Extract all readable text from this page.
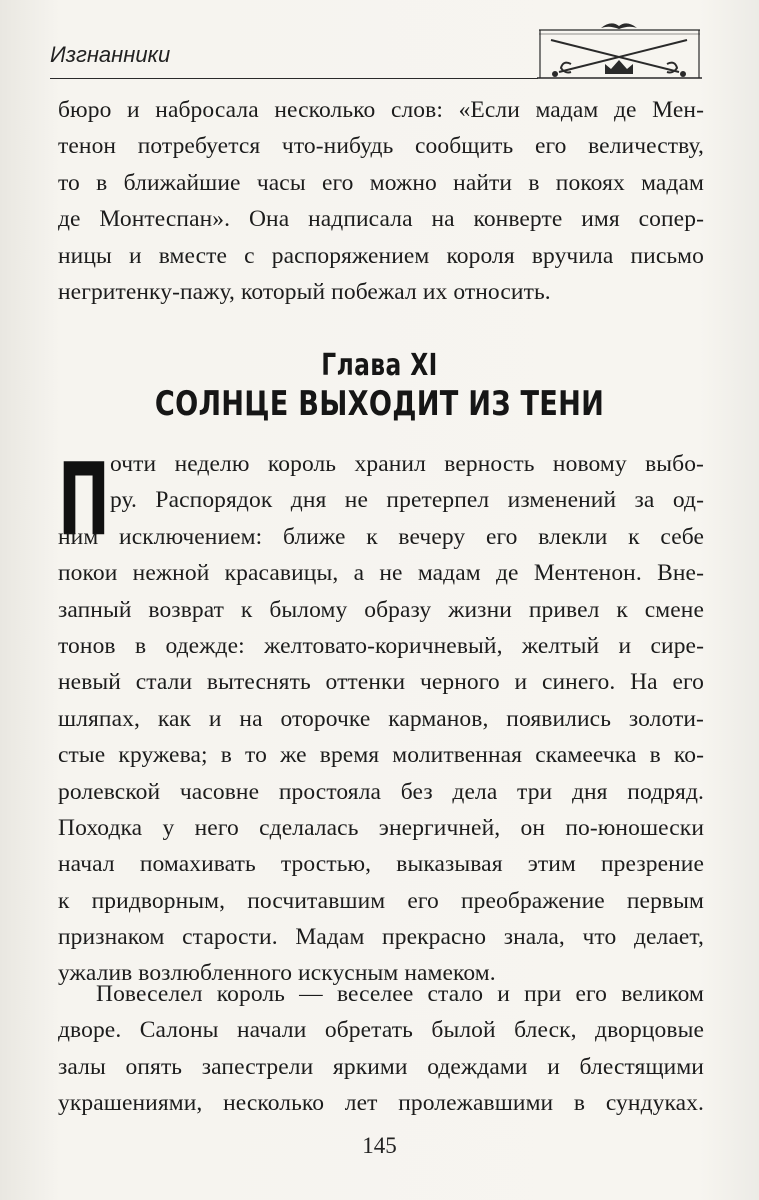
Изгнанники
бюро и набросала несколько слов: «Если мадам де Мен-
тенон потребуется что-нибудь сообщить его величеству,
то в ближайшие часы его можно найти в покоях мадам
де Монтеспан». Она надписала на конверте имя сопер-
ницы и вместе с распоряжением короля вручила письмо
негритенку-пажу, который побежал их относить.
Глава XI
СОЛНЦЕ ВЫХОДИТ ИЗ ТЕНИ
П очти неделю король хранил верность новому выбо-
ру. Распорядок дня не претерпел изменений за од-
ним исключением: ближе к вечеру его влекли к себе
покои нежной красавицы, а не мадам де Ментенон. Вне-
запный возврат к былому образу жизни привел к смене
тонов в одежде: желтовато-коричневый, желтый и сире-
невый стали вытеснять оттенки черного и синего. На его
шляпах, как и на оторочке карманов, появились золоти-
стые кружева; в то же время молитвенная скамеечка в ко-
ролевской часовне простояла без дела три дня подряд.
Походка у него сделалась энергичней, он по-юношески
начал помахивать тростью, выказывая этим презрение
к придворным, посчитавшим его преображение первым
признаком старости. Мадам прекрасно знала, что делает,
ужалив возлюбленного искусным намеком.
Повеселел король — веселее стало и при его великом
дворе. Салоны начали обретать былой блеск, дворцовые
залы опять запестрели яркими одеждами и блестящими
украшениями, несколько лет пролежавшими в сундуках.
145
